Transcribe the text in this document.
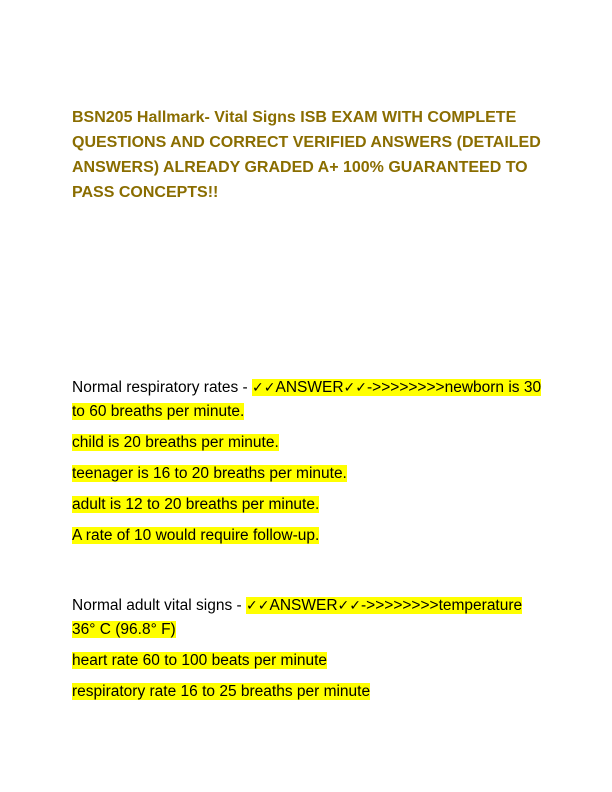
BSN205 Hallmark- Vital Signs ISB EXAM WITH COMPLETE QUESTIONS AND CORRECT VERIFIED ANSWERS (DETAILED ANSWERS) ALREADY GRADED A+ 100% GUARANTEED TO PASS CONCEPTS!!

Normal respiratory rates - ✓✓ANSWER✓✓->>>>>>>>newborn is 30 to 60 breaths per minute.

child is 20 breaths per minute.

teenager is 16 to 20 breaths per minute.

adult is 12 to 20 breaths per minute.

A rate of 10 would require follow-up.

Normal adult vital signs - ✓✓ANSWER✓✓->>>>>>>>temperature 36° C (96.8° F)

heart rate 60 to 100 beats per minute

respiratory rate 16 to 25 breaths per minute
